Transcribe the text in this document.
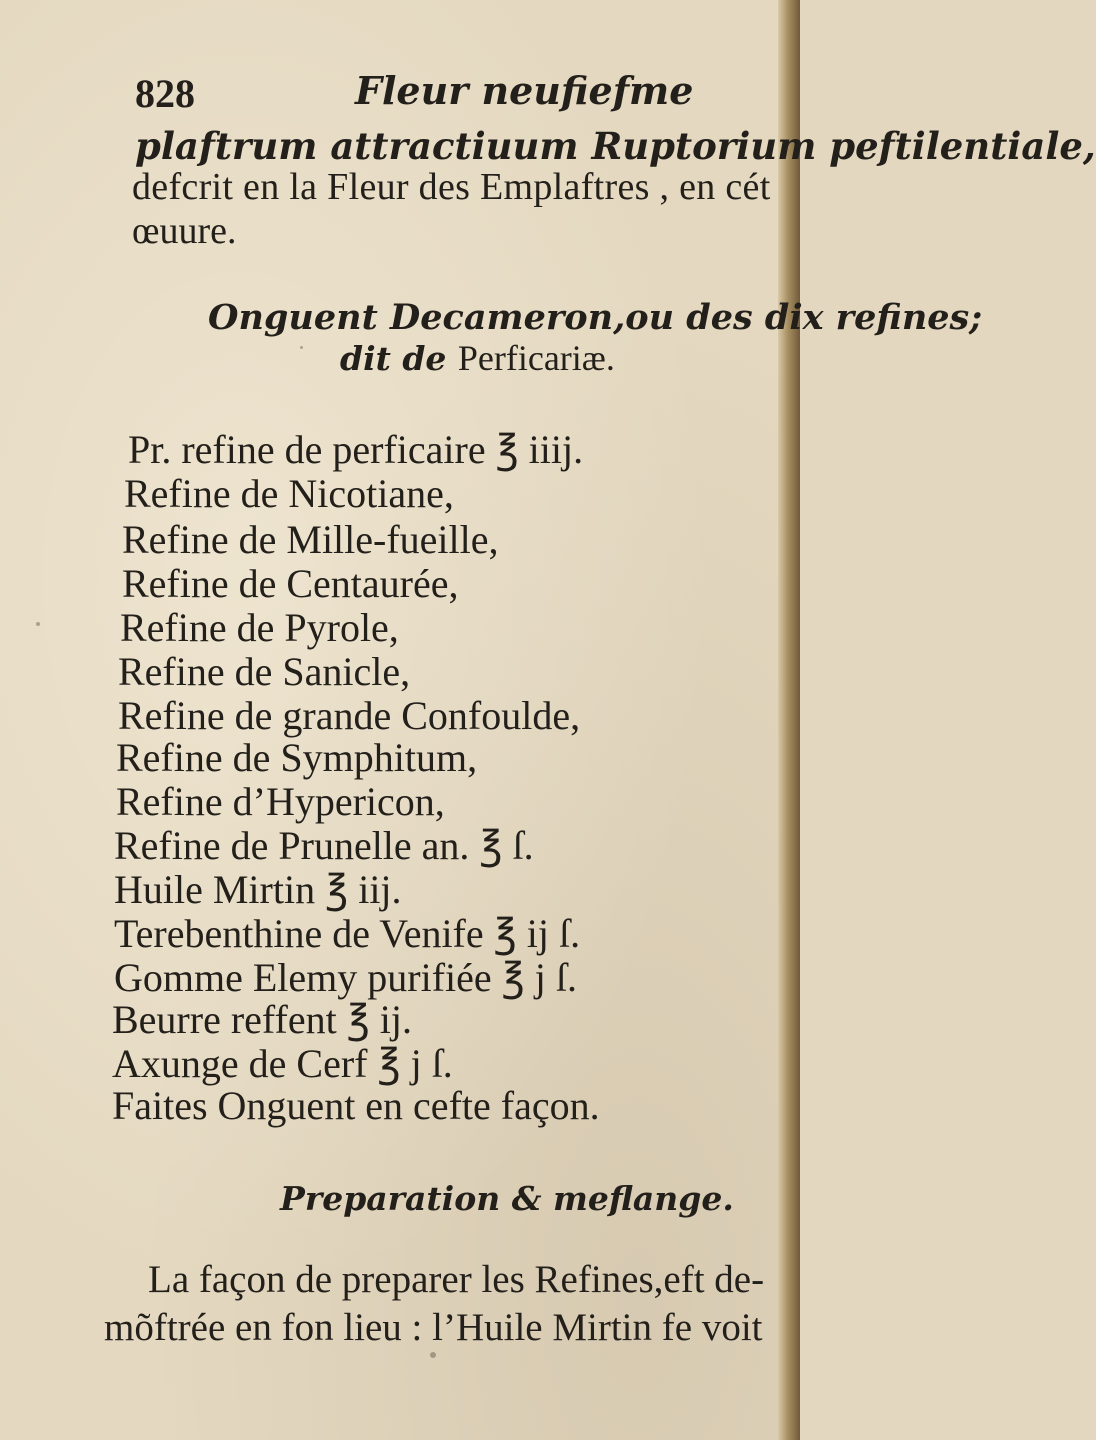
828	Fleur neufiefme
plaftrum attractiuum Ruptorium peftilentiale,
defcrit en la Fleur des Emplaftres , en cét
œuure.
Onguent Decameron,ou des dix refines;
dit de Perficariæ.
Pr. refine de perficaire ℥ iiij.
Refine de Nicotiane,
Refine de Mille-fueille,
Refine de Centaurée,
Refine de Pyrole,
Refine de Sanicle,
Refine de grande Confoulde,
Refine de Symphitum,
Refine d’Hypericon,
Refine de Prunelle an. ℥ ſ.
Huile Mirtin ℥ iij.
Terebenthine de Venife ℥ ij ſ.
Gomme Elemy purifiée ℥ j ſ.
Beurre reffent ℥ ij.
Axunge de Cerf ℥ j ſ.
Faites Onguent en cefte façon.
Preparation & meflange.
La façon de preparer les Refines,eft de-
mõftrée en fon lieu : l’Huile Mirtin fe voit
